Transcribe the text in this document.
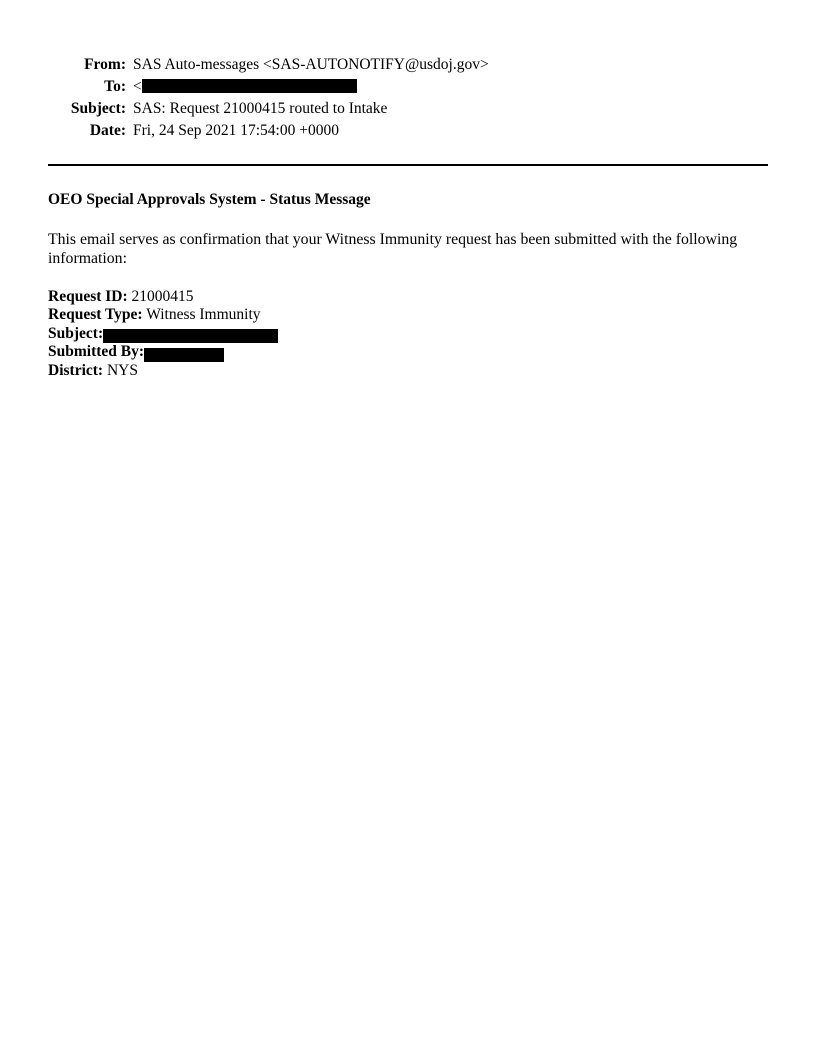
From: SAS Auto-messages <SAS-AUTONOTIFY@usdoj.gov>
To: <
Subject: SAS: Request 21000415 routed to Intake
Date: Fri, 24 Sep 2021 17:54:00 +0000
OEO Special Approvals System - Status Message
This email serves as confirmation that your Witness Immunity request has been submitted with the following information:
Request ID: 21000415
Request Type: Witness Immunity
Subject:
Submitted By:
District: NYS
